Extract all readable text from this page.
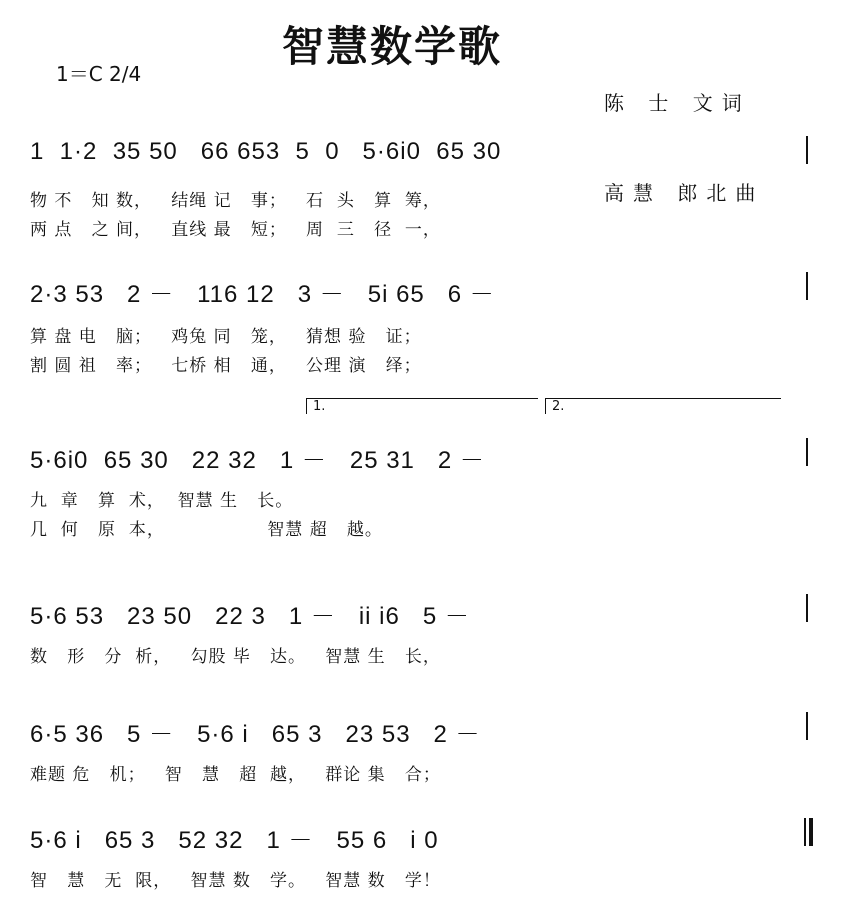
智慧数学歌
1＝C 2/4

陈 士 文词

高慧 郎北曲

1  1·2  35 50   66 653  5  0   5·6i0  65 30
物 不   知 数，   结绳 记   事；   石  头   算  筹，
两 点   之 间，   直线 最   短；   周  三   径  一，
2·3 53   2 －   116 12   3 －   5i 65   6 －
算 盘 电   脑；   鸡兔 同   笼，   猜想 验   证；
割 圆 祖   率；   七桥 相   通，   公理 演   绎；
1.	2.
5·6i0  65 30   22 32   1 －   25 31   2 －
九  章   算  术，  智慧 生   长。
几  何   原  本，                智慧 超   越。
5·6 53   23 50   22 3   1 －   ii i6   5 －
数   形   分  析，   勾股 毕   达。   智慧 生   长，
6·5 36   5 －   5·6 i   65 3   23 53   2 －
难题 危   机；   智   慧   超  越，   群论 集   合；
5·6 i   65 3   52 32   1 －   55 6   i 0
智   慧   无  限，   智慧 数   学。   智慧 数   学！
